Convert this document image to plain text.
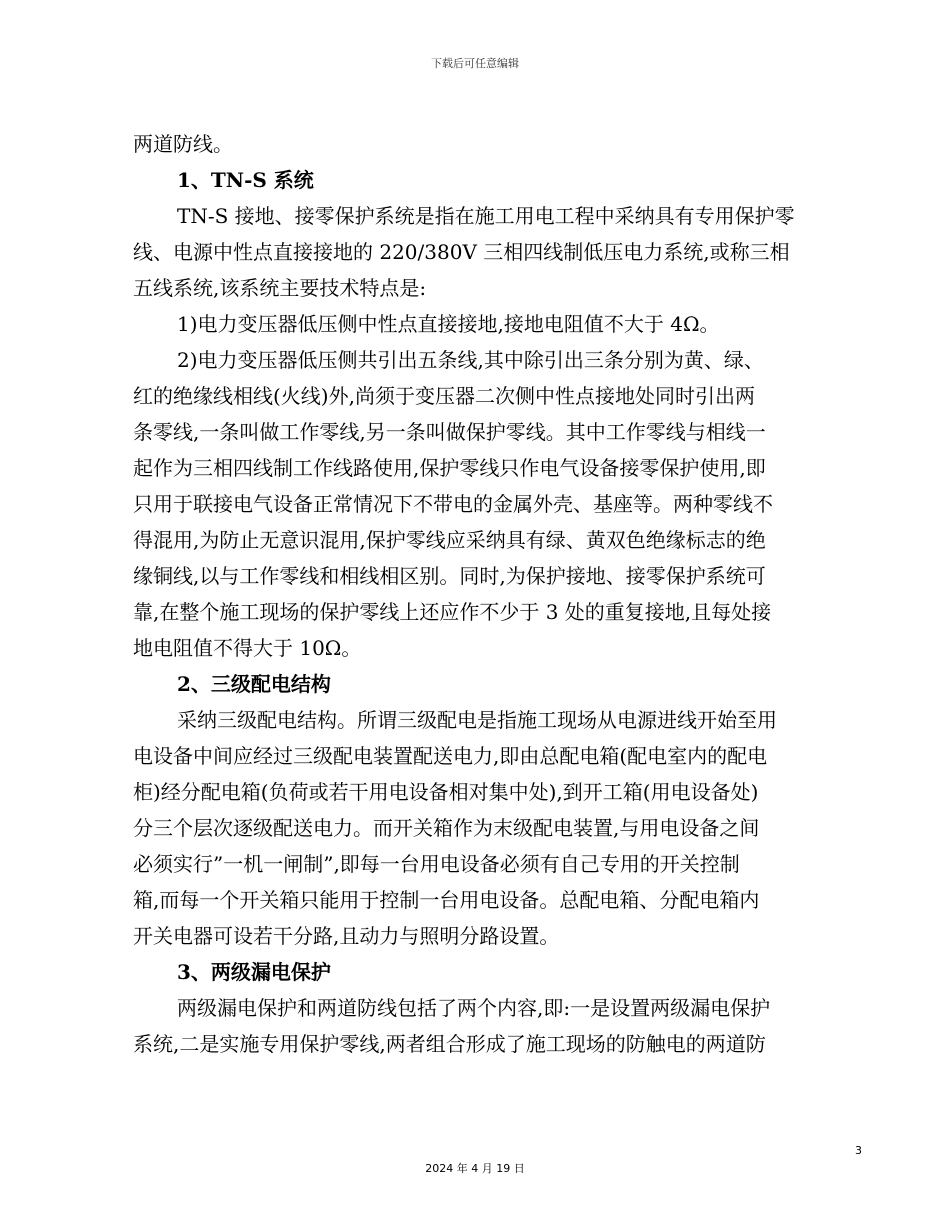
下载后可任意编辑
两道防线。
1、TN-S 系统
TN-S 接地、接零保护系统是指在施工用电工程中采纳具有专用保护零
线、电源中性点直接接地的 220/380V 三相四线制低压电力系统,或称三相
五线系统,该系统主要技术特点是:
1)电力变压器低压侧中性点直接接地,接地电阻值不大于 4Ω。
2)电力变压器低压侧共引出五条线,其中除引出三条分别为黄、绿、
红的绝缘线相线(火线)外,尚须于变压器二次侧中性点接地处同时引出两
条零线,一条叫做工作零线,另一条叫做保护零线。其中工作零线与相线一
起作为三相四线制工作线路使用,保护零线只作电气设备接零保护使用,即
只用于联接电气设备正常情况下不带电的金属外壳、基座等。两种零线不
得混用,为防止无意识混用,保护零线应采纳具有绿、黄双色绝缘标志的绝
缘铜线,以与工作零线和相线相区别。同时,为保护接地、接零保护系统可
靠,在整个施工现场的保护零线上还应作不少于 3 处的重复接地,且每处接
地电阻值不得大于 10Ω。
2、三级配电结构
采纳三级配电结构。所谓三级配电是指施工现场从电源进线开始至用
电设备中间应经过三级配电装置配送电力,即由总配电箱(配电室内的配电
柜)经分配电箱(负荷或若干用电设备相对集中处),到开工箱(用电设备处)
分三个层次逐级配送电力。而开关箱作为末级配电装置,与用电设备之间
必须实行”一机一闸制”,即每一台用电设备必须有自己专用的开关控制
箱,而每一个开关箱只能用于控制一台用电设备。总配电箱、分配电箱内
开关电器可设若干分路,且动力与照明分路设置。
3、两级漏电保护
两级漏电保护和两道防线包括了两个内容,即:一是设置两级漏电保护
系统,二是实施专用保护零线,两者组合形成了施工现场的防触电的两道防
3
2024 年 4 月 19 日
